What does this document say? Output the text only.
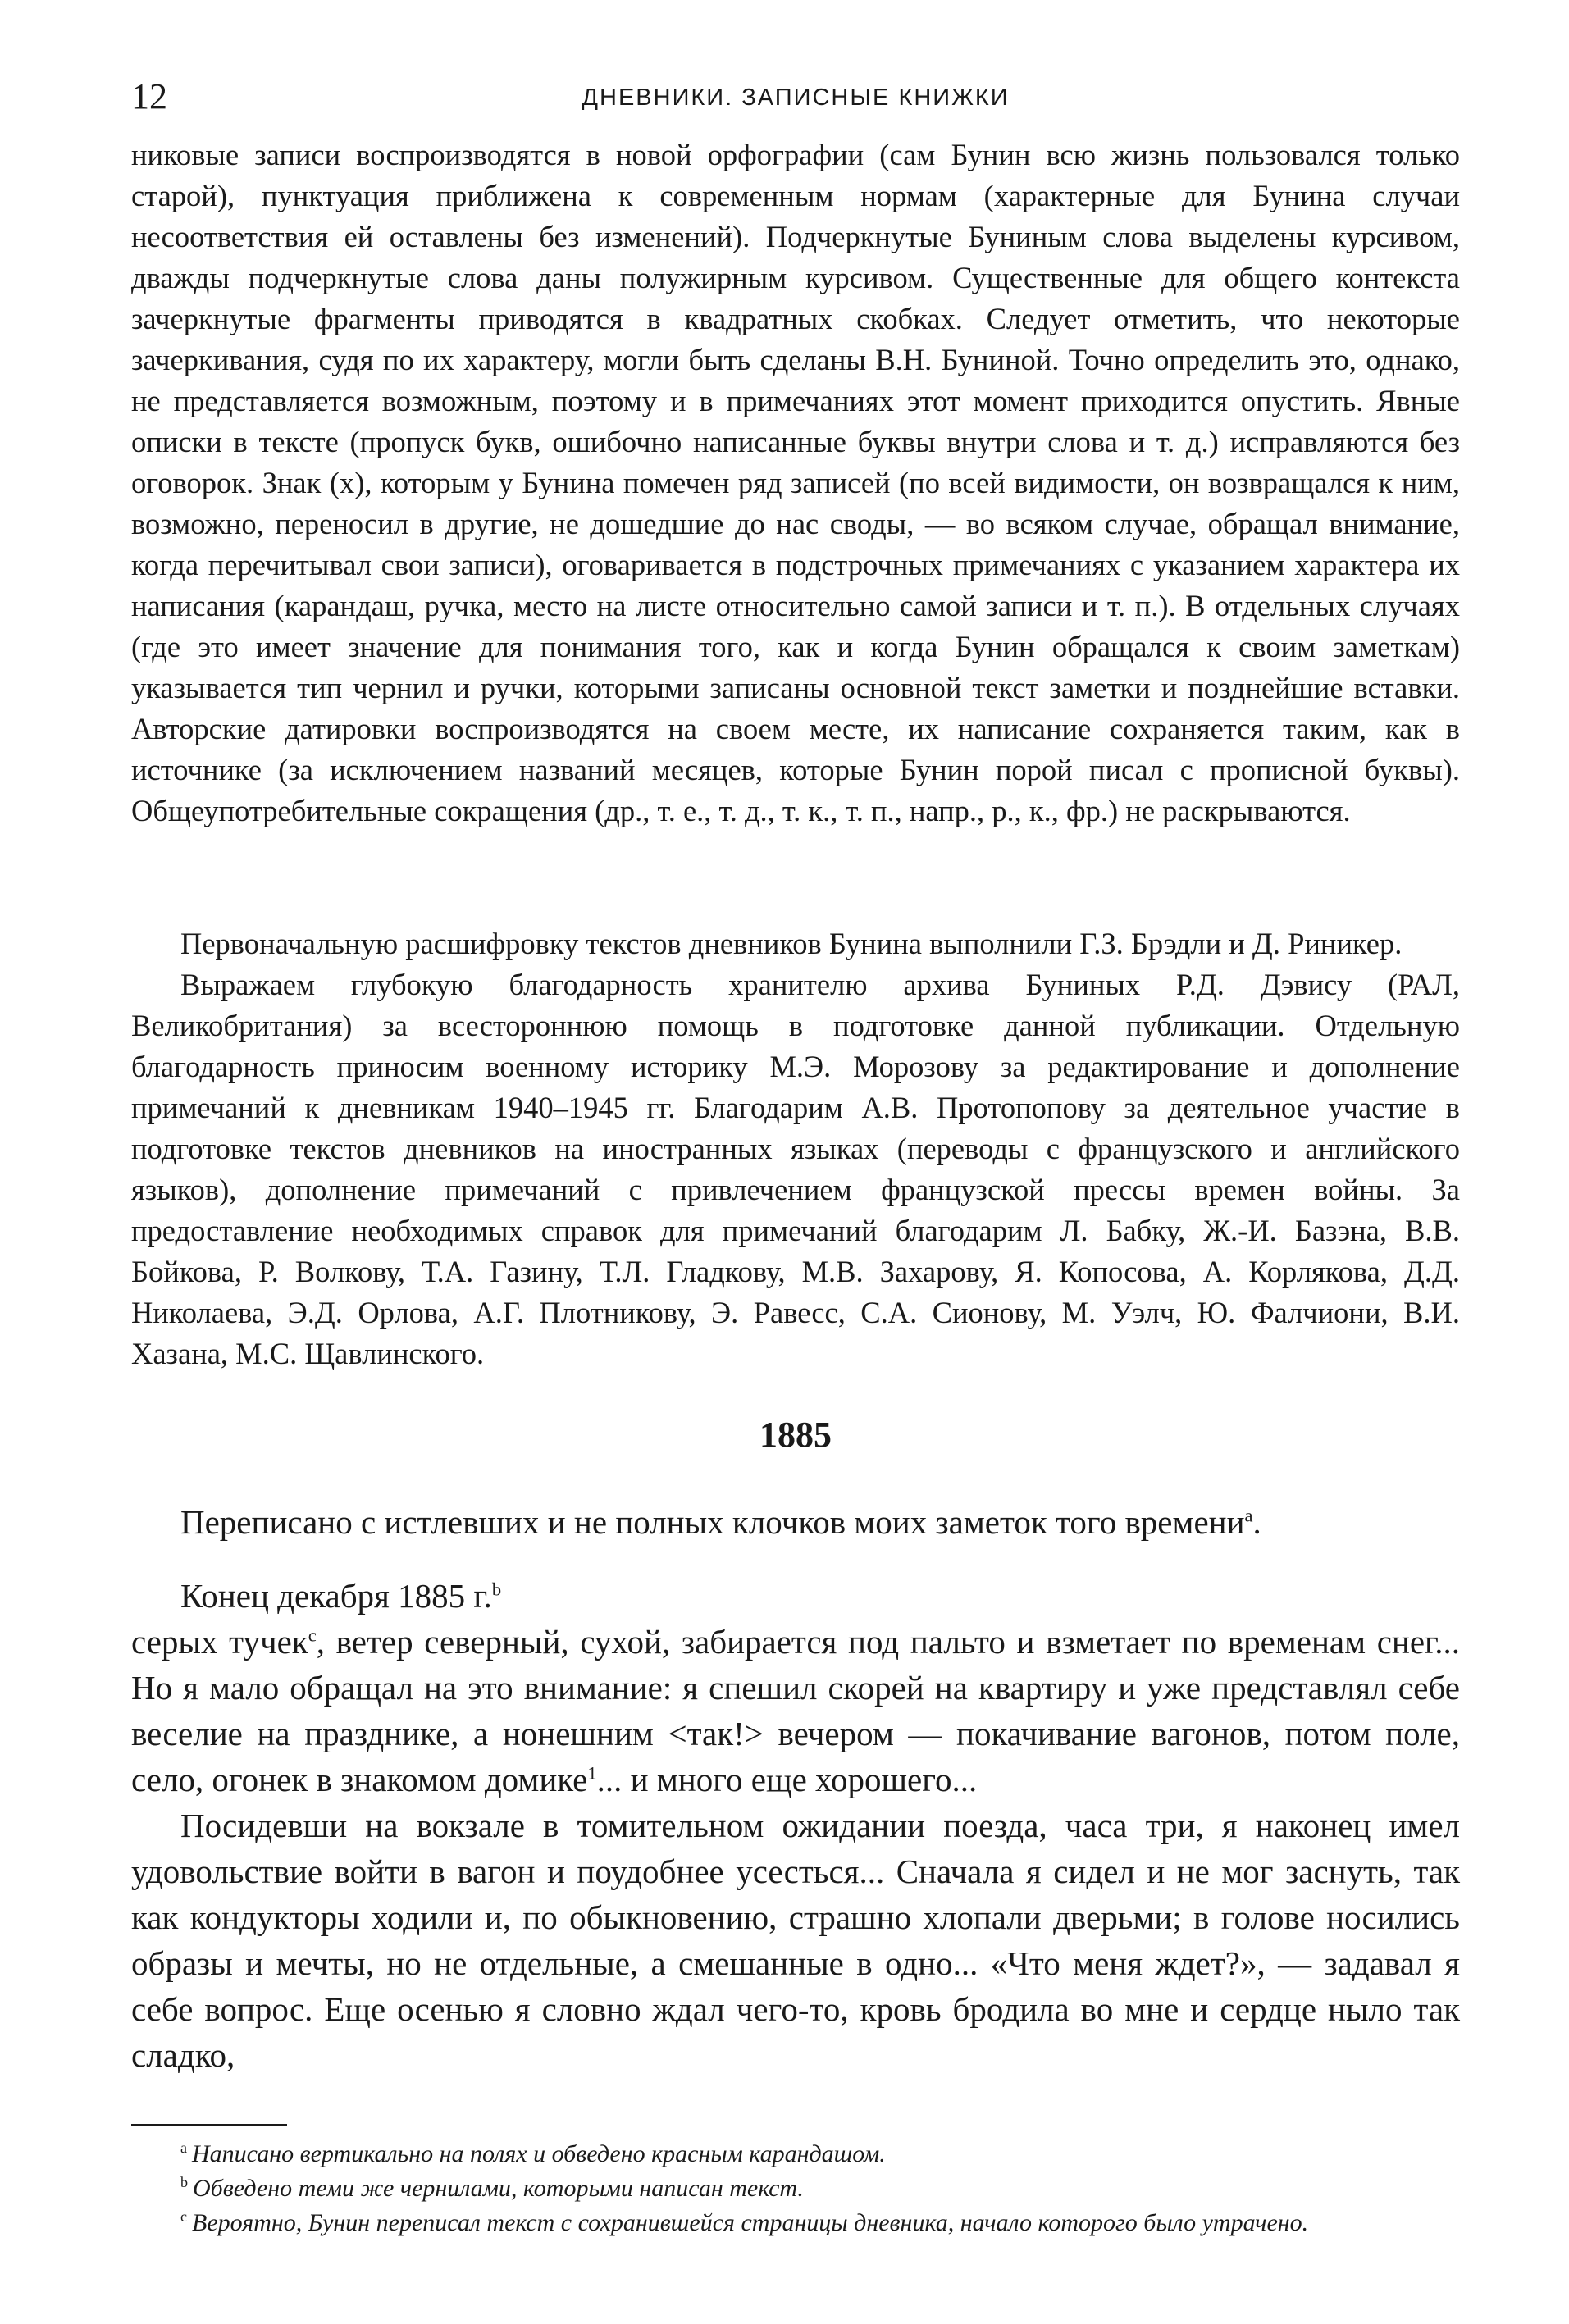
12	ДНЕВНИКИ. ЗАПИСНЫЕ КНИЖКИ

никовые записи воспроизводятся в новой орфографии (сам Бунин всю жизнь пользовался только старой), пунктуация приближена к современным нормам (характерные для Бунина случаи несоответствия ей оставлены без изменений). Подчеркнутые Буниным слова выделены курсивом, дважды подчеркнутые слова даны полужирным курсивом. Существенные для общего контекста зачеркнутые фрагменты приводятся в квадратных скобках. Следует отметить, что некоторые зачеркивания, судя по их характеру, могли быть сделаны В.Н. Буниной. Точно определить это, однако, не представляется возможным, поэтому и в примечаниях этот момент приходится опустить. Явные описки в тексте (пропуск букв, ошибочно написанные буквы внутри слова и т. д.) исправляются без оговорок. Знак (х), которым у Бунина помечен ряд записей (по всей видимости, он возвращался к ним, возможно, переносил в другие, не дошедшие до нас своды, — во всяком случае, обращал внимание, когда перечитывал свои записи), оговаривается в подстрочных примечаниях с указанием характера их написания (карандаш, ручка, место на листе относительно самой записи и т. п.). В отдельных случаях (где это имеет значение для понимания того, как и когда Бунин обращался к своим заметкам) указывается тип чернил и ручки, которыми записаны основной текст заметки и позднейшие вставки. Авторские датировки воспроизводятся на своем месте, их написание сохраняется таким, как в источнике (за исключением названий месяцев, которые Бунин порой писал с прописной буквы). Общеупотребительные сокращения (др., т. е., т. д., т. к., т. п., напр., р., к., фр.) не раскрываются.

Первоначальную расшифровку текстов дневников Бунина выполнили Г.З. Брэдли и Д. Риникер.

Выражаем глубокую благодарность хранителю архива Буниных Р.Д. Дэвису (РАЛ, Великобритания) за всестороннюю помощь в подготовке данной публикации. Отдельную благодарность приносим военному историку М.Э. Морозову за редактирование и дополнение примечаний к дневникам 1940–1945 гг. Благодарим А.В. Протопопову за деятельное участие в подготовке текстов дневников на иностранных языках (переводы с французского и английского языков), дополнение примечаний с привлечением французской прессы времен войны. За предоставление необходимых справок для примечаний благодарим Л. Бабку, Ж.-И. Базэна, В.В. Бойкова, Р. Волкову, Т.А. Газину, Т.Л. Гладкову, М.В. Захарову, Я. Копосова, А. Корлякова, Д.Д. Николаева, Э.Д. Орлова, А.Г. Плотникову, Э. Равесс, С.А. Сионову, М. Уэлч, Ю. Фалчиони, В.И. Хазана, М.С. Щавлинского.

1885

Переписано с истлевших и не полных клочков моих заметок того времени$^a$.

Конец декабря 1885 г.$^b$

серых тучек$^c$, ветер северный, сухой, забирается под пальто и взметает по временам снег... Но я мало обращал на это внимание: я спешил скорей на квартиру и уже представлял себе веселие на празднике, а нонешним <так!> вечером — покачивание вагонов, потом поле, село, огонек в знакомом домике$^1$... и много еще хорошего...

Посидевши на вокзале в томительном ожидании поезда, часа три, я наконец имел удовольствие войти в вагон и поудобнее усесться... Сначала я сидел и не мог заснуть, так как кондукторы ходили и, по обыкновению, страшно хлопали дверьми; в голове носились образы и мечты, но не отдельные, а смешанные в одно... «Что меня ждет?», — задавал я себе вопрос. Еще осенью я словно ждал чего-то, кровь бродила во мне и сердце ныло так сладко,

$^a$ Написано вертикально на полях и обведено красным карандашом.

$^b$ Обведено теми же чернилами, которыми написан текст.

$^c$ Вероятно, Бунин переписал текст с сохранившейся страницы дневника, начало которого было утрачено.
